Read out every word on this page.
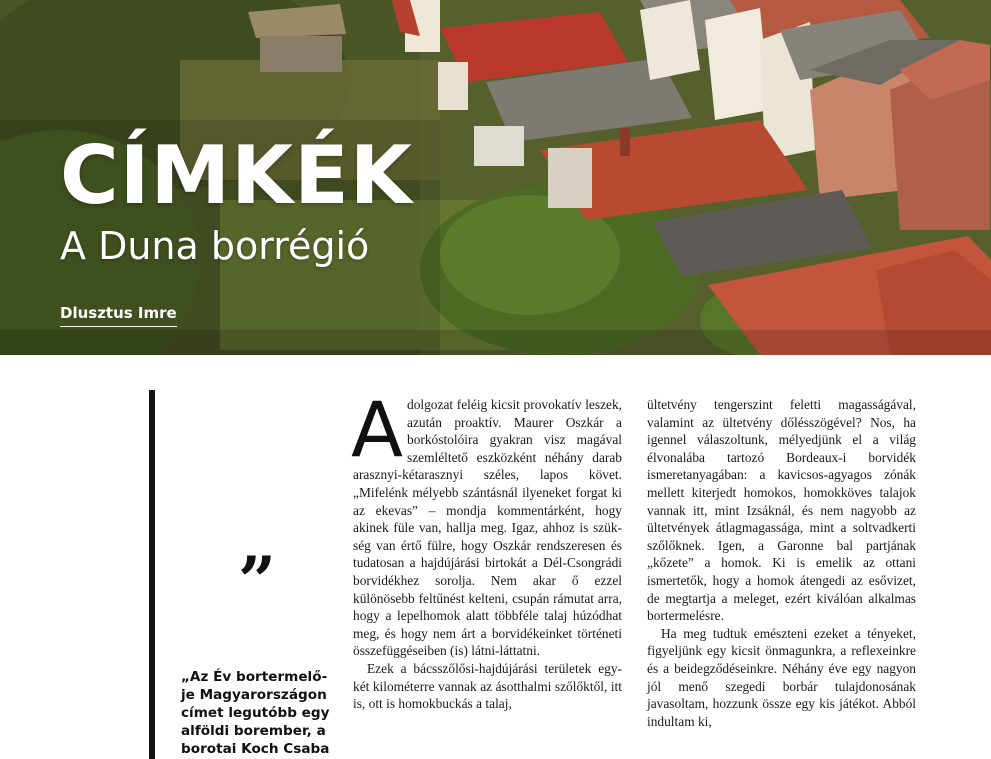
CÍMKÉK
A Duna borrégió
Dlusztus Imre
”
„Az Év bortermelője Magyarországon címet legutóbb egy alföldi borember, a borotai Koch Csaba

Adolgozat feléig kicsit provokatív leszek, azután proaktív. Maurer Oszkár a borkóstolóira gyakran visz magával szemléltető eszközként néhány darab arasznyi-kétarasznyi széles, lapos követ. „Mifelénk mélyebb szántásnál ilyeneket forgat ki az ekevas” – mondja kommentárként, hogy akinek füle van, hallja meg. Igaz, ahhoz is szükség van értő fülre, hogy Oszkár rendszeresen és tudatosan a hajdújárási birtokát a Dél-Csongrádi borvidékhez sorolja. Nem akar ő ezzel különösebb feltűnést kelteni, csupán rámutat arra, hogy a lepelhomok alatt többféle talaj húzódhat meg, és hogy nem árt a borvidékeinket történeti összefüggéseiben (is) látni-láttatni.

Ezek a bácsszőlősi-hajdújárási területek egy-két kilométerre vannak az ásotthalmi szőlőktől, itt is, ott is homokbuckás a talaj,

ültetvény tengerszint feletti magasságával, valamint az ültetvény dőlésszögével? Nos, ha igennel válaszoltunk, mélyedjünk el a világ élvonalába tartozó Bordeaux-i borvidék ismeretanyagában: a kavicsos-agyagos zónák mellett kiterjedt homokos, homokköves talajok vannak itt, mint Izsáknál, és nem nagyobb az ültetvények átlagmagassága, mint a soltvadkerti szőlőknek. Igen, a Garonne bal partjának „kőzete” a homok. Ki is emelik az ottani ismertetők, hogy a homok átengedi az esővizet, de megtartja a meleget, ezért kiválóan alkalmas bortermelésre.

Ha meg tudtuk emészteni ezeket a tényeket, figyeljünk egy kicsit önmagunkra, a reflexeinkre és a beidegződéseinkre. Néhány éve egy nagyon jól menő szegedi borbár tulajdonosának javasoltam, hozzunk össze egy kis játékot. Abból indultam ki,
